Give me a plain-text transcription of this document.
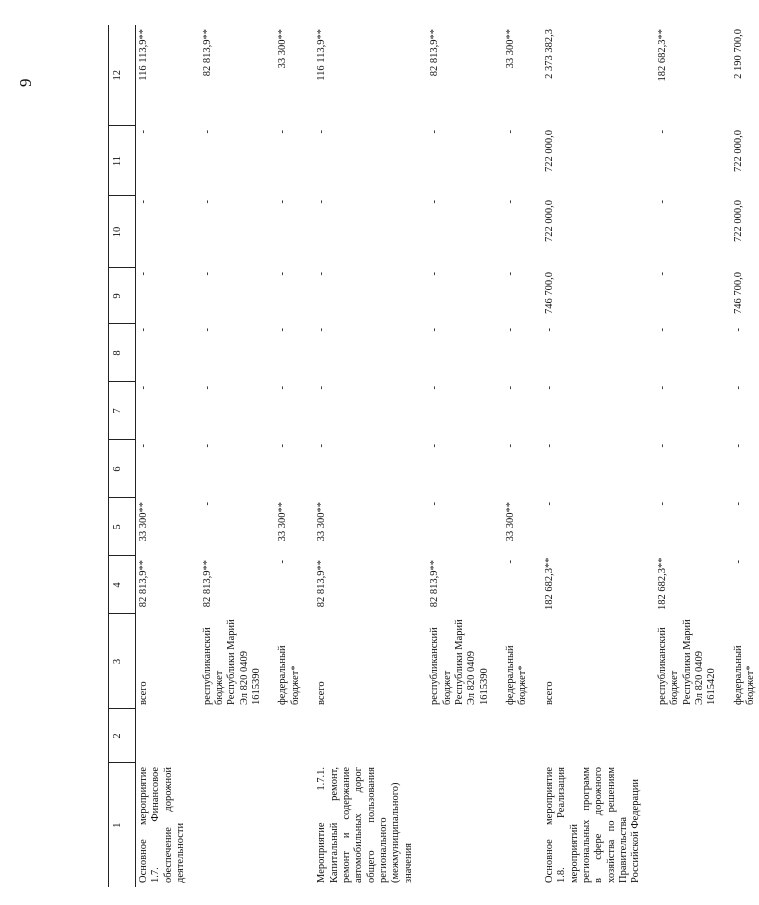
9
1	2	3	4	5	6	7	8	9	10	11	12
Основное мероприятие 1.7. Финансовое обеспечение дорожной деятельности		всего	82 813,9**	33 300**	-	-	-	-	-	-	116 113,9**
		республиканский бюджет Республики Марий Эл 820 0409 1615390	82 813,9**	-	-	-	-	-	-	-	82 813,9**
		федеральный бюджет*	-	33 300**	-	-	-	-	-	-	33 300**
Мероприятие 1.7.1. Капитальный ремонт, ремонт и содержание автомобильных дорог общего пользования регионального (межмуниципального) значения		всего	82 813,9**	33 300**	-	-	-	-	-	-	116 113,9**
		республиканский бюджет Республики Марий Эл 820 0409 1615390	82 813,9**	-	-	-	-	-	-	-	82 813,9**
		федеральный бюджет*	-	33 300**	-	-	-	-	-	-	33 300**
Основное мероприятие 1.8. Реализация мероприятий региональных программ в сфере дорожного хозяйства по решениям Правительства Российской Федерации		всего	182 682,3**	-	-	-	-	746 700,0	722 000,0	722 000,0	2 373 382,3
		республиканский бюджет Республики Марий Эл 820 0409 1615420	182 682,3**	-	-	-	-	-	-	-	182 682,3**
		федеральный бюджет*	-	-	-	-	-	746 700,0	722 000,0	722 000,0	2 190 700,0
